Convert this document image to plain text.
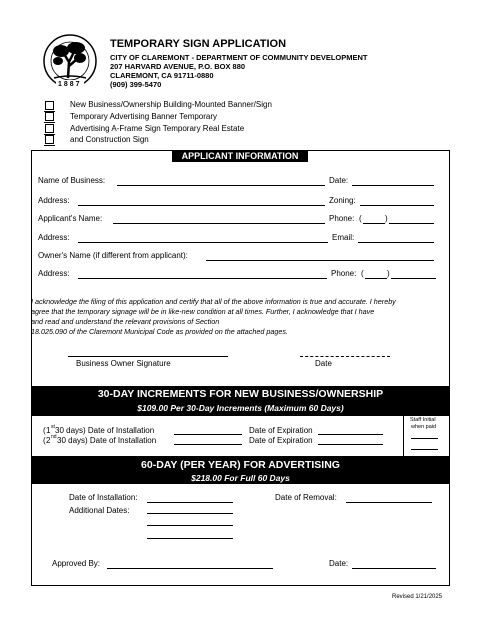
1887
TEMPORARY SIGN APPLICATION
CITY OF CLAREMONT - DEPARTMENT OF COMMUNITY DEVELOPMENT
207 HARVARD AVENUE, P.O. BOX 880
CLAREMONT, CA 91711-0880
(909) 399-5470
New Business/Ownership Building-Mounted Banner/Sign
Temporary Advertising Banner Temporary
Advertising A-Frame Sign Temporary Real Estate
and Construction Sign
APPLICANT INFORMATION
Name of Business:	Date:
Address:	Zoning:
Applicant's Name:	Phone: (	)
Address:	Email:
Owner's Name (if different from applicant):
Address:	Phone: (	)
I acknowledge the filing of this application and certify that all of the above information is true and accurate. I hereby
agree that the temporary signage will be in like-new condition at all times. Further, I acknowledge that I have
and read and understand the relevant provisions of Section
18.025.090 of the Claremont Municipal Code as provided on the attached pages.
Business Owner Signature	Date
30-DAY INCREMENTS FOR NEW BUSINESS/OWNERSHIP
$109.00 Per 30-Day Increments (Maximum 60 Days)
( 1 st 30 days) Date of Installation	Date of Expiration
( 2 nd 30 days) Date of Installation	Date of Expiration
Staff Initial
when paid
60-DAY (PER YEAR) FOR ADVERTISING
$218.00 For Full 60 Days
Date of Installation:	Date of Removal:
Additional Dates:
Approved By:	Date:
Revised 1/21/2025
